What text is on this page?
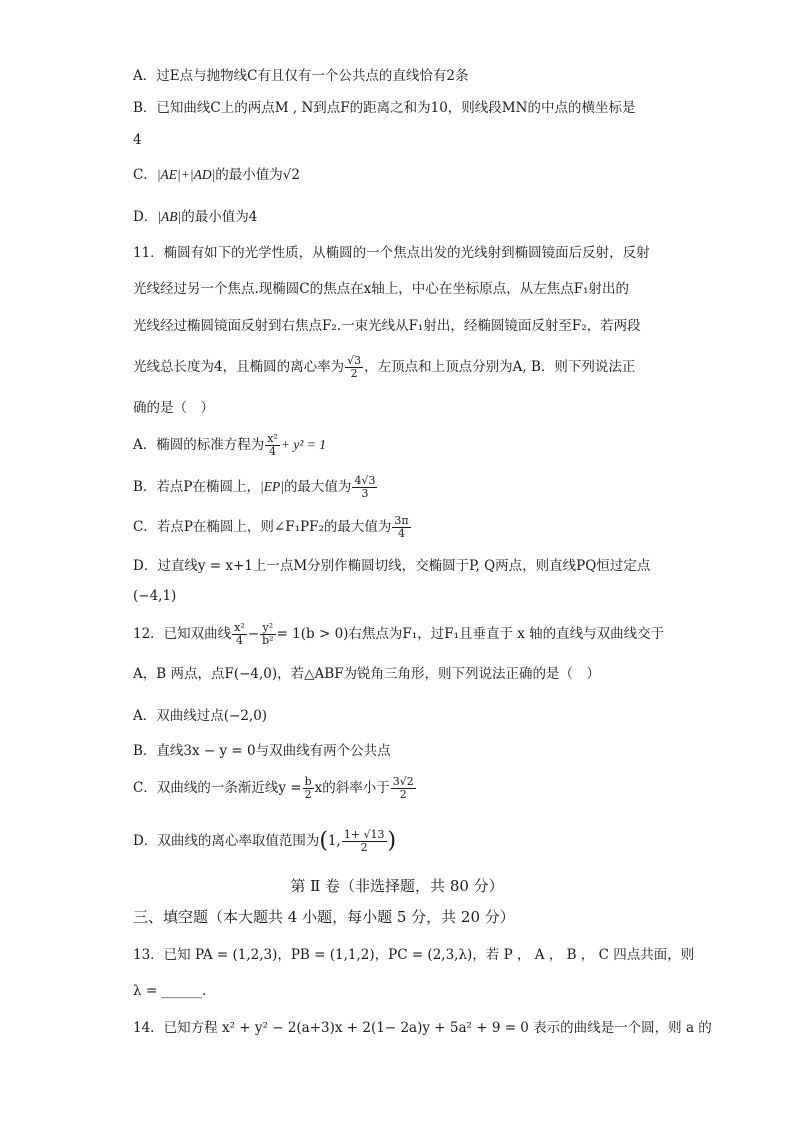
A．过E点与抛物线C有且仅有一个公共点的直线恰有2条
B．已知曲线C上的两点M , N到点F的距离之和为10，则线段MN的中点的横坐标是
4
C．|AE|+|AD|的最小值为√2
D．|AB|的最小值为4
11．椭圆有如下的光学性质，从椭圆的一个焦点出发的光线射到椭圆镜面后反射，反射
光线经过另一个焦点.现椭圆C的焦点在x轴上，中心在坐标原点，从左焦点F₁射出的
光线经过椭圆镜面反射到右焦点F₂.一束光线从F₁射出，经椭圆镜面反射至F₂，若两段
光线总长度为4，且椭圆的离心率为 $\frac{√3}{2}$ ，左顶点和上顶点分别为A, B．则下列说法正
确的是（　）
A．椭圆的标准方程为 $\frac{\text{x²}}{4} + y^2 = 1$
B．若点P在椭圆上，|EP|的最大值为 $\frac{4√3}{3}$
C．若点P在椭圆上，则∠F₁PF₂的最大值为 $\frac{3\pi}{4}$
D．过直线y = x+1上一点M分别作椭圆切线，交椭圆于P, Q两点，则直线PQ恒过定点
(−4,1)
12．已知双曲线 $\frac{\text{x²}}{4} - \frac{\text{y²}}{\text{b²}} = 1(b > 0)$右焦点为F₁，过F₁且垂直于 x 轴的直线与双曲线交于
A，B 两点，点F(−4,0)，若△ABF为锐角三角形，则下列说法正确的是（　）
A．双曲线过点(−2,0)
B．直线3x − y = 0与双曲线有两个公共点
C．双曲线的一条渐近线$y = \frac{b}{2}$ x的斜率小于 $\frac{3√2}{2}$
D．双曲线的离心率取值范围为(1, $\frac{1+ √13}{2}$ )
第 Ⅱ 卷（非选择题，共 80 分）
三、填空题（本大题共 4 小题，每小题 5 分，共 20 分）
13．已知 PA = (1,2,3)，PB = (1,1,2)，PC = (2,3,λ)，若 P ， A ， B ， C 四点共面，则
λ = ______.
14．已知方程 x² + y² − 2(a+3)x + 2(1− 2a)y + 5a² + 9 = 0 表示的曲线是一个圆，则 a 的
